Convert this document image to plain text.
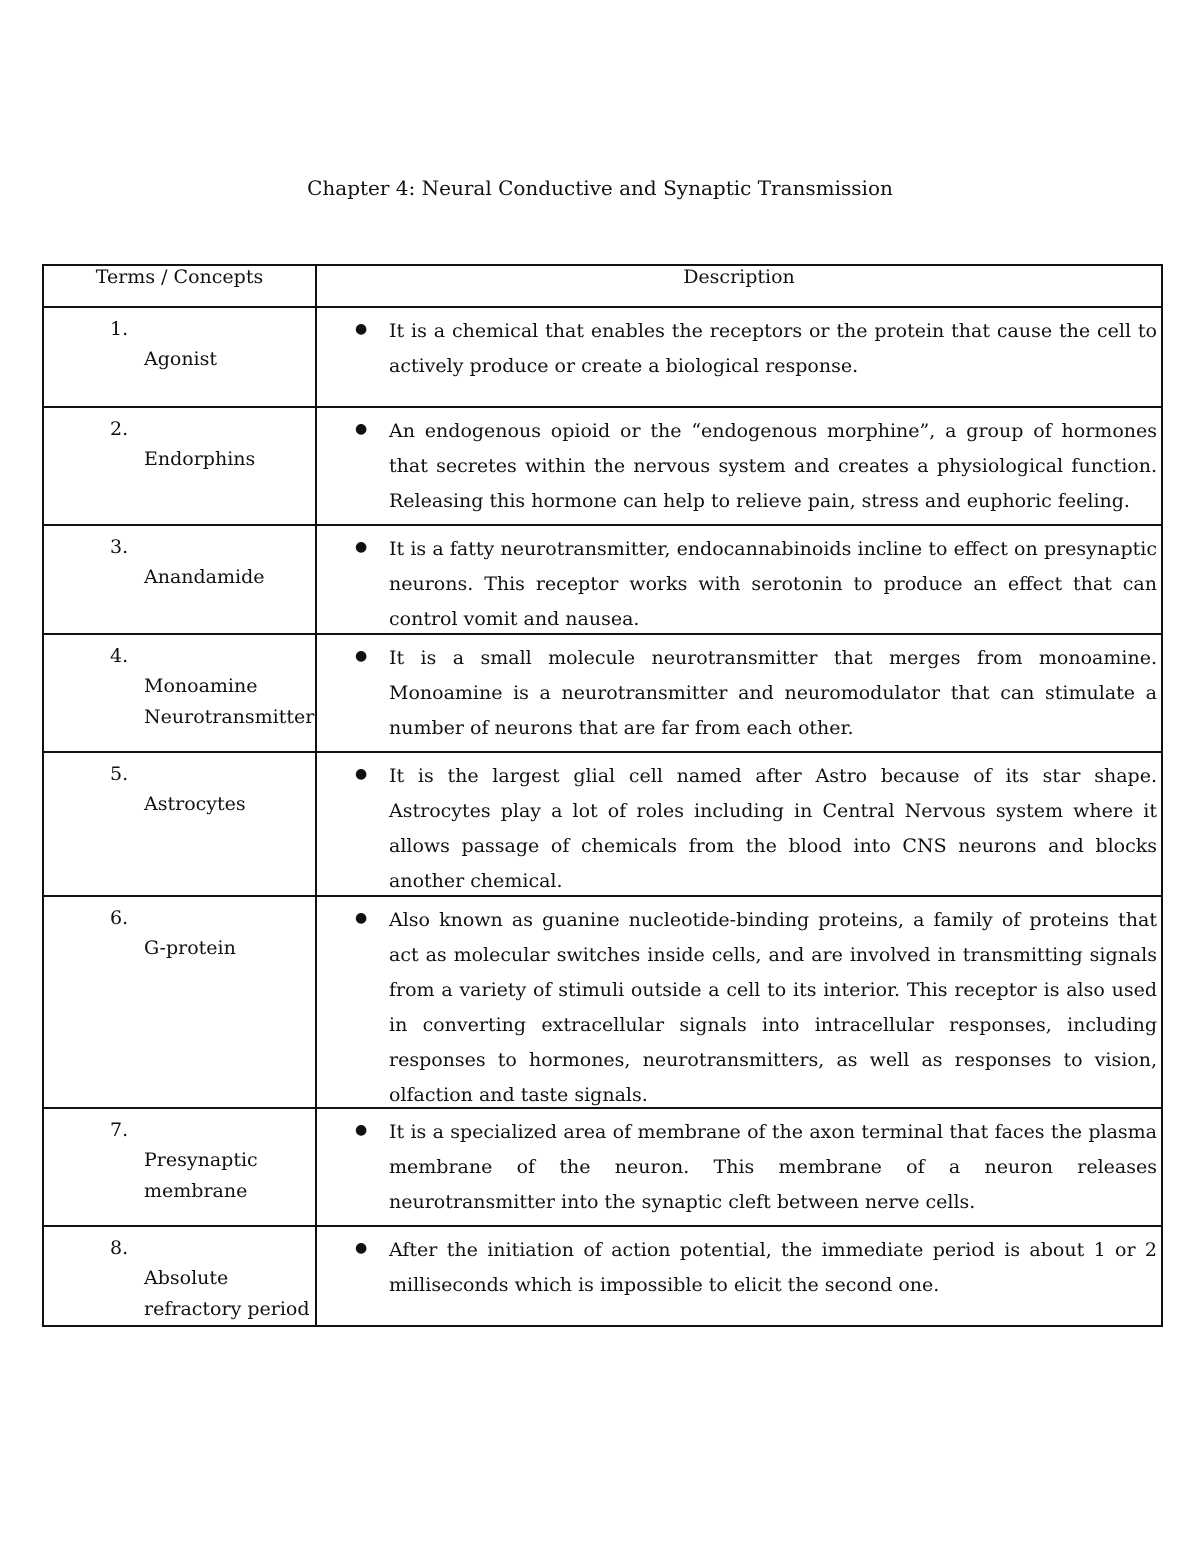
Chapter 4: Neural Conductive and Synaptic Transmission
Terms / Concepts	Description

1.
Agonist	● It is a chemical that enables the receptors or the protein that cause the cell to actively produce or create a biological response.

2.
Endorphins	● An endogenous opioid or the “endogenous morphine”, a group of hormones that secretes within the nervous system and creates a physiological function. Releasing this hormone can help to relieve pain, stress and euphoric feeling.

3.
Anandamide	● It is a fatty neurotransmitter, endocannabinoids incline to effect on presynaptic neurons. This receptor works with serotonin to produce an effect that can control vomit and nausea.

4.
Monoamine Neurotransmitter	● It is a small molecule neurotransmitter that merges from monoamine. Monoamine is a neurotransmitter and neuromodulator that can stimulate a number of neurons that are far from each other.

5.
Astrocytes	● It is the largest glial cell named after Astro because of its star shape. Astrocytes play a lot of roles including in Central Nervous system where it allows passage of chemicals from the blood into CNS neurons and blocks another chemical.

6.
G-protein	● Also known as guanine nucleotide-binding proteins, a family of proteins that act as molecular switches inside cells, and are involved in transmitting signals from a variety of stimuli outside a cell to its interior. This receptor is also used in converting extracellular signals into intracellular responses, including responses to hormones, neurotransmitters, as well as responses to vision, olfaction and taste signals.

7.
Presynaptic membrane	● It is a specialized area of membrane of the axon terminal that faces the plasma membrane of the neuron. This membrane of a neuron releases neurotransmitter into the synaptic cleft between nerve cells.

8.
Absolute refractory period	● After the initiation of action potential, the immediate period is about 1 or 2 milliseconds which is impossible to elicit the second one.
